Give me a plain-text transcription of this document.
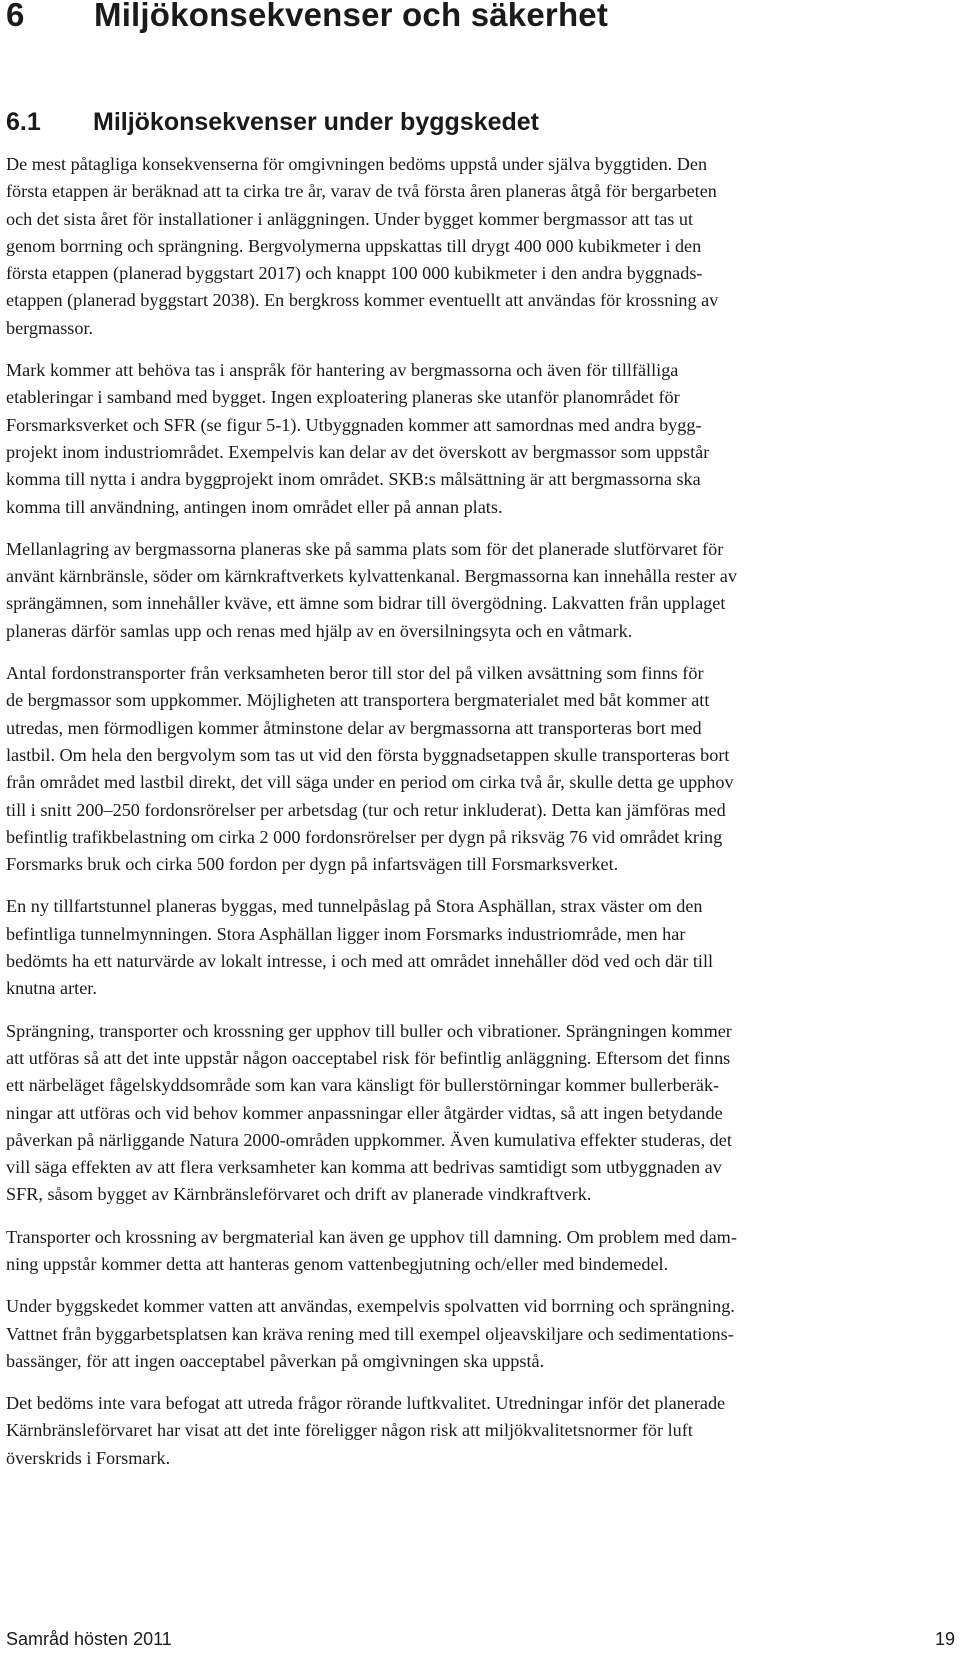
6 Miljökonsekvenser och säkerhet
6.1 Miljökonsekvenser under byggskedet

De mest påtagliga konsekvenserna för omgivningen bedöms uppstå under själva byggtiden. Den
första etappen är beräknad att ta cirka tre år, varav de två första åren planeras åtgå för bergarbeten
och det sista året för installationer i anläggningen. Under bygget kommer bergmassor att tas ut
genom borrning och sprängning. Bergvolymerna uppskattas till drygt 400 000 kubikmeter i den
första etappen (planerad byggstart 2017) och knappt 100 000 kubikmeter i den andra byggnads-
etappen (planerad byggstart 2038). En bergkross kommer eventuellt att användas för krossning av
bergmassor.

Mark kommer att behöva tas i anspråk för hantering av bergmassorna och även för tillfälliga
etableringar i samband med bygget. Ingen exploatering planeras ske utanför planområdet för
Forsmarksverket och SFR (se figur 5-1). Utbyggnaden kommer att samordnas med andra bygg-
projekt inom industriområdet. Exempelvis kan delar av det överskott av bergmassor som uppstår
komma till nytta i andra byggprojekt inom området. SKB:s målsättning är att bergmassorna ska
komma till användning, antingen inom området eller på annan plats.

Mellanlagring av bergmassorna planeras ske på samma plats som för det planerade slutförvaret för
använt kärnbränsle, söder om kärnkraftverkets kylvattenkanal. Bergmassorna kan innehålla rester av
sprängämnen, som innehåller kväve, ett ämne som bidrar till övergödning. Lakvatten från upplaget
planeras därför samlas upp och renas med hjälp av en översilningsyta och en våtmark.

Antal fordonstransporter från verksamheten beror till stor del på vilken avsättning som finns för
de bergmassor som uppkommer. Möjligheten att transportera bergmaterialet med båt kommer att
utredas, men förmodligen kommer åtminstone delar av bergmassorna att transporteras bort med
lastbil. Om hela den bergvolym som tas ut vid den första byggnadsetappen skulle transporteras bort
från området med lastbil direkt, det vill säga under en period om cirka två år, skulle detta ge upphov
till i snitt 200–250 fordonsrörelser per arbetsdag (tur och retur inkluderat). Detta kan jämföras med
befintlig trafikbelastning om cirka 2 000 fordonsrörelser per dygn på riksväg 76 vid området kring
Forsmarks bruk och cirka 500 fordon per dygn på infartsvägen till Forsmarksverket.

En ny tillfartstunnel planeras byggas, med tunnelpåslag på Stora Asphällan, strax väster om den
befintliga tunnelmynningen. Stora Asphällan ligger inom Forsmarks industriområde, men har
bedömts ha ett naturvärde av lokalt intresse, i och med att området innehåller död ved och där till
knutna arter.

Sprängning, transporter och krossning ger upphov till buller och vibrationer. Sprängningen kommer
att utföras så att det inte uppstår någon oacceptabel risk för befintlig anläggning. Eftersom det finns
ett närbeläget fågelskyddsområde som kan vara känsligt för bullerstörningar kommer bullerberäk-
ningar att utföras och vid behov kommer anpassningar eller åtgärder vidtas, så att ingen betydande
påverkan på närliggande Natura 2000-områden uppkommer. Även kumulativa effekter studeras, det
vill säga effekten av att flera verksamheter kan komma att bedrivas samtidigt som utbyggnaden av
SFR, såsom bygget av Kärnbränsleförvaret och drift av planerade vindkraftverk.

Transporter och krossning av bergmaterial kan även ge upphov till damning. Om problem med dam-
ning uppstår kommer detta att hanteras genom vattenbegjutning och/eller med bindemedel.

Under byggskedet kommer vatten att användas, exempelvis spolvatten vid borrning och sprängning.
Vattnet från byggarbetsplatsen kan kräva rening med till exempel oljeavskiljare och sedimentations-
bassänger, för att ingen oacceptabel påverkan på omgivningen ska uppstå.

Det bedöms inte vara befogat att utreda frågor rörande luftkvalitet. Utredningar inför det planerade
Kärnbränsleförvaret har visat att det inte föreligger någon risk att miljökvalitetsnormer för luft
överskrids i Forsmark.

Samråd hösten 2011	19
